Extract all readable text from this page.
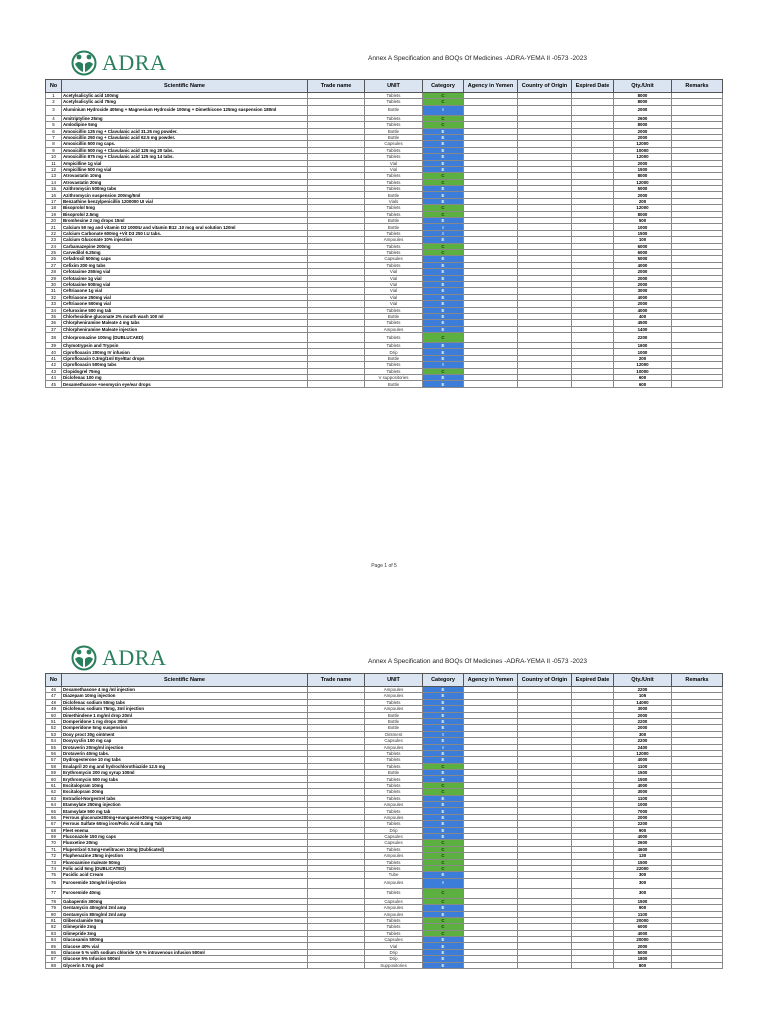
ADRA	Annex A Specification and BOQs Of Medicines -ADRA-YEMA II -0573 -2023
No	Scientific Name	Trade name	UNIT	Category	Agency in Yemen	Country of Origin	Expired Date	Qty./Unit	Remarks
1	Acetylsalicylic acid 100mg		Tablets	C				8000	
2	Acetylsalicylic acid 75mg		Tablets	C				8000	
3	Aluminium Hydroxide 405mg + Magnesium Hydroxide 100mg + Dimethicone 125mg suspension 180ml		Bottle	I				2000	
4	Amitriptyline 25mg		Tablets	C				2600	
5	Amlodipine 5mg		Tablets	C				8000	
6	Amoxicillin 125 mg + Clavulanic acid 31.25 mg powder.		Bottle	E				2000	
7	Amoxicillin 250 mg + Clavulanic acid 62.5 mg powder.		Bottle	E				2000	
8	Amoxicillin 500 mg caps.		Capsules	E				12000	
9	Amoxicillin 500 mg + Clavulanic acid 125 mg 20 tabs.		Tablets	E				10000	
10	Amoxicillin 875 mg + Clavulanic acid 125 mg 14 tabs.		Tablets	E				12000	
11	Ampicilline 1g vial		Vial	E				2000	
12	Ampicilline 500 mg vial		Vial	E				1500	
13	Atrovastatin 10mg		Tablets	C				8000	
14	Atrovastatin 20mg		Tablets	C				12000	
15	Azithromycin 500mg tabs		Tablets	E				5000	
16	Azithromycin suspension 200mg/5ml		Bottle	E				2000	
17	Benzathine benzylpenicillin 1200000 UI vial		Vials	E				200	
18	Bisoprolol 5mg		Tablets	C				12000	
19	Bisoprolol 2.5mg		Tablets	C				8000	
20	Bromhexine 2 mg drops 15ml		Bottle	E				500	
21	Calcium 50 mg and vitamin D3 1000IU and vitamin B12 .10 mcg oral solution 120ml		Bottle	I				1000	
22	Calcium Carbonate 600mg +Vit D3 250 I.U tabs.		Tablets	I				1500	
23	Calcium Gluconate 10% injection		Ampoules	E				100	
24	Carbamazepine 200mg		Tablets	C				6000	
25	Carvedilol 6.25mg		Tablets	C				6000	
26	Cefadroxil 500mg caps		Capsules	E				5000	
27	Cefixim 200 mg tabs		Tablets	E				4000	
28	Cefotaxime 250mg vial		Vial	E				2000	
29	Cefotaxime 1g vial		Vial	E				2000	
30	Cefotaxime 500mg vial		Vial	E				2000	
31	Ceftriaxone 1g vial		Vial	E				3000	
32	Ceftriaxone 250mg vial		Vial	E				4000	
33	Ceftriaxone 500mg vial		Vial	E				2000	
34	Cefuroxime 500 mg tab		Tablets	E				4000	
35	Chlorhexidine gluconate 2% mouth wash 100 ml		Bottle	E				400	
36	Chlorpheniramine Maleate 4 mg tabs		Tablets	E				4500	
37	Chlorpheniramine Maleate injection		Ampoules	E				1400	
38	Chlorpromazine 100mg (DUBLUCAED)		Tablets	C				2200	
39	Chymotrypsin and Trypsin		Tablets	E				1600	
40	Ciprofloxacin 200mg IV infusion		Drip	E				1000	
41	Ciprofloxacin 0.3mg/1ml Eye/Ear drops		Bottle	E				200	
42	Ciprofloxacin 500mg tabs		Tablets	I				12000	
43	Clopidogrel 75mg		Tablets	C				10000	
44	Diclofenac 100 mg		V suppositories	E				600	
45	Dexamethasone +neomycin eye/ear drops		Bottle	E				600	
Page 1 of 5
ADRA	Annex A Specification and BOQs Of Medicines -ADRA-YEMA II -0573 -2023
No	Scientific Name	Trade name	UNIT	Category	Agency in Yemen	Country of Origin	Expired Date	Qty./Unit	Remarks
46	Dexamethasone 4 mg /ml injection		Ampoules	E				2200	
47	Diazepam 10mg injection		Ampoules	E				105	
48	Diclofenac sodium 50mg tabs		Tablets	E				14000	
49	Diclofenac sodium 75mg, 3ml injection		Ampoules	E				3000	
50	Dimethindene 1 mg/ml drop 20ml		Bottle	E				2000	
51	Domperidone 1 mg drops 30ml		Bottle	E				2200	
52	Domperidone 5mg suspension		Bottle	E				2000	
53	Doxy proct 30g ointment		Ointment	I				300	
54	Doxycyclin 100 mg cap		Capsules	E				2200	
55	Drotaverin 20mg/ml injection		Ampoules	I				2400	
56	Drotaverin 40mg tabs.		Tablets	E				12000	
57	Dydrogesterone 10 mg tabs		Tablets	E				4000	
58	Enalapril 20 mg and hydrochlorothiazide 12.5 mg		Tablets	C				1100	
59	Erythromycin 200 mg syrup 100ml		Bottle	E				1500	
60	Erythromycin 500 mg tabs		Tablets	E				1500	
61	Escitalopram 10mg		Tablets	C				4000	
62	Escitalopram 20mg		Tablets	C				3000	
63	Estradiol-Norgestrel tabs		Tablets	E				1100	
64	Etamsylate 250mg injection		Ampoules	E				1000	
65	Etamsylate 500 mg tab		Tablets	E				7000	
66	Ferrous gluconate200mg+manganese30mg +copper1mg amp		Ampoules	E				2000	
67	Ferrous Sulfate 60mg iron/Folic Acid 0.4mg Tab		Tablets	E				2200	
68	Fleet enema		Drip	E				900	
69	Fluconazole 150 mg caps		Capsules	E				4000	
70	Fluoxetine 20mg		Capsules	C				2600	
71	Flupentixol 0.5mg+melitracen 10mg (Dublicated)		Tablets	C				4600	
72	Fluphenazine 25mg injection		Ampoules	C				130	
73	Fluvoxamine maleate 50mg		Tablets	C				1500	
74	Folic acid 5mg (DUBLICATED)		Tablets	C				22000	
75	Fucidic acid Cream		Tube	E				300	
76	Furosemide 10mg/ml injection		Ampoules	I				300	
77	Furosemide 40mg		Tablets	C				300	
78	Gabapentin 300mg		Capsules	C				1500	
79	Gentamycin 40mg/ml 2ml amp		Ampoules	E				900	
80	Gentamycin 80mg/ml 2ml amp		Ampoules	E				1100	
81	Glibenclamide 5mg		Tablets	C				20000	
82	Glimepride 2mg		Tablets	C				6000	
83	Glimepride 3mg		Tablets	C				4000	
84	Glucosamin 500mg		Capsules	E				20000	
85	Glucose 40% vial		Vial	E				2000	
86	Glucose 5 % with sodium chloride 0,9 % intravenous infusion 500ml		Drip	E				5000	
87	Glucose 5% Infusion 500ml		Drip	E				1800	
88	Glycerin 0.7mg ped		Suppositories	E				800	
